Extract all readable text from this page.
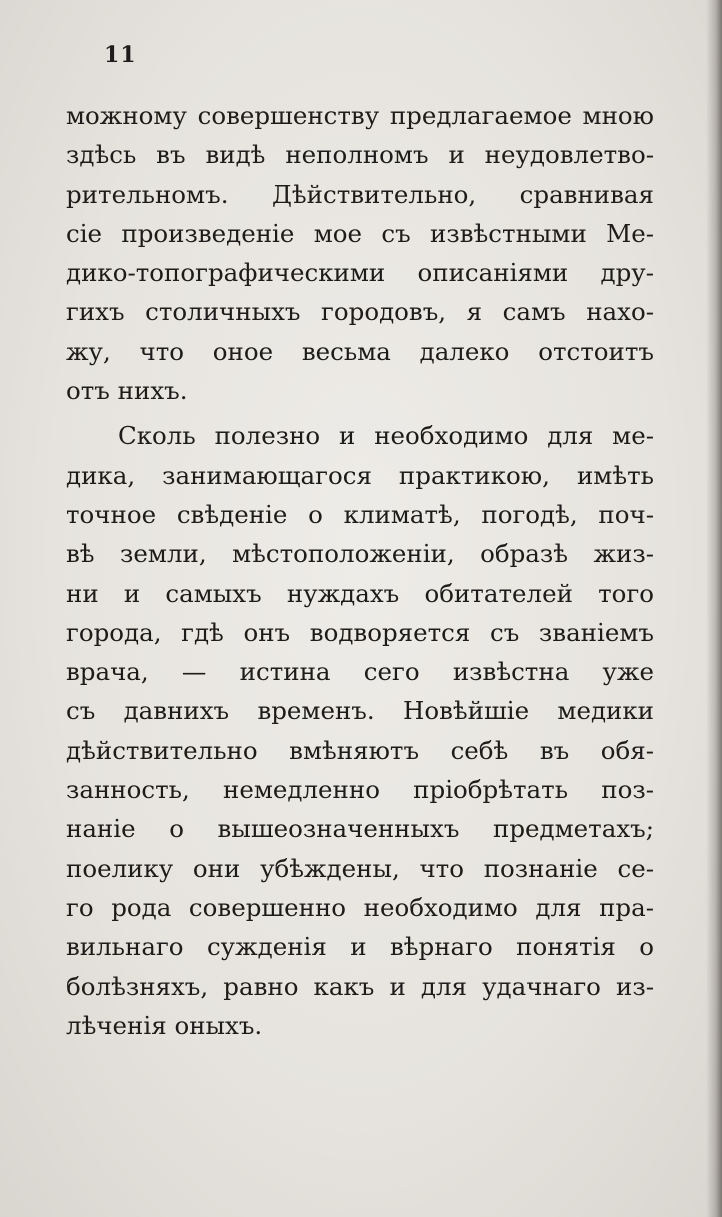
11
можному совершенству предлагаемое мною
здѣсь въ видѣ неполномъ и неудовлетво-
рительномъ. Дѣйствительно, сравнивая
сіе произведеніе мое съ извѣстными Ме-
дико-топографическими описаніями дру-
гихъ столичныхъ городовъ, я самъ нахо-
жу, что оное весьма далеко отстоитъ
отъ нихъ.
Сколь полезно и необходимо для ме-
дика, занимающагося практикою, имѣть
точное свѣденіе о климатѣ, погодѣ, поч-
вѣ земли, мѣстоположеніи, образѣ жиз-
ни и самыхъ нуждахъ обитателей того
города, гдѣ онъ водворяется съ званіемъ
врача, — истина сего извѣстна уже
съ давнихъ временъ. Новѣйшіе медики
дѣйствительно вмѣняютъ себѣ въ обя-
занность, немедленно пріобрѣтать поз-
наніе о вышеозначенныхъ предметахъ;
поелику они убѣждены, что познаніе се-
го рода совершенно необходимо для пра-
вильнаго сужденія и вѣрнаго понятія о
болѣзняхъ, равно какъ и для удачнаго из-
лѣченія оныхъ.
